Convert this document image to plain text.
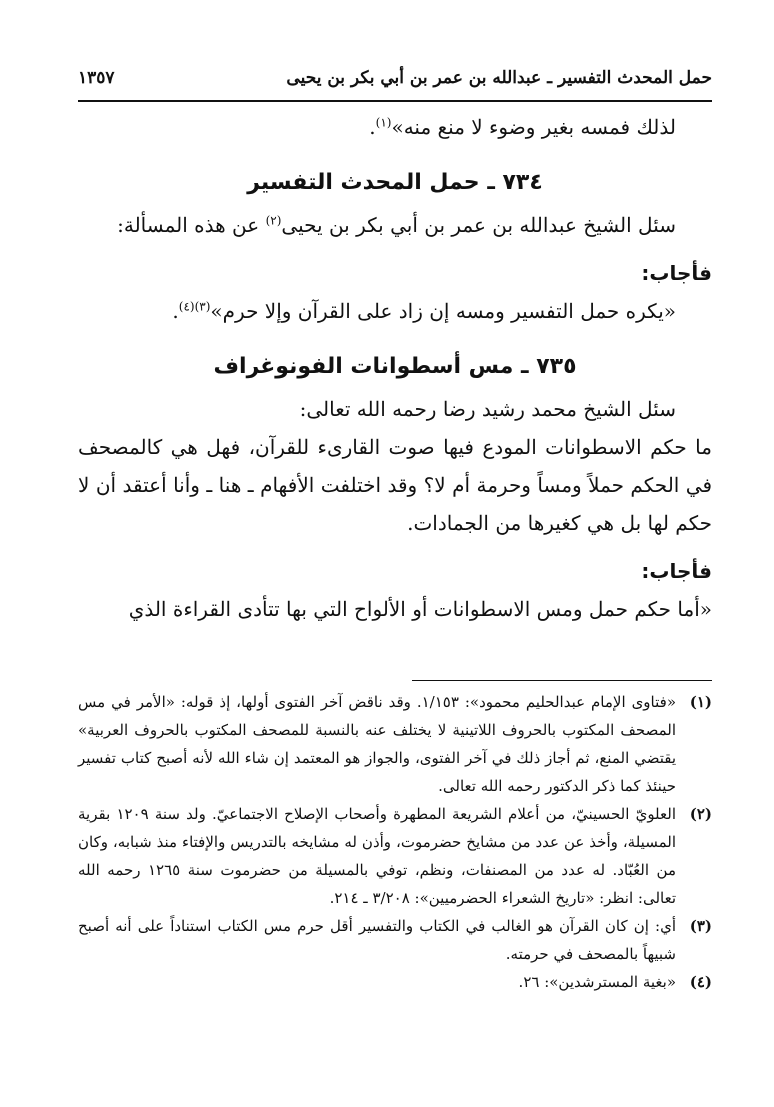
حمل المحدث التفسير ـ عبدالله بن عمر بن أبي بكر بن يحيى
١٣٥٧

لذلك فمسه بغير وضوء لا منع منه»$^{(١)}$.

٧٣٤ ـ حمل المحدث التفسير

سئل الشيخ عبدالله بن عمر بن أبي بكر بن يحيى$^{(٢)}$ عن هذه المسألة:

فأجاب:

«يكره حمل التفسير ومسه إن زاد على القرآن وإلا حرم»$^{(٣)(٤)}$.

٧٣٥ ـ مس أسطوانات الفونوغراف

سئل الشيخ محمد رشيد رضا رحمه الله تعالى:

ما حكم الاسطوانات المودع فيها صوت القارىء للقرآن، فهل هي كالمصحف في الحكم حملاً ومساً وحرمة أم لا؟ وقد اختلفت الأفهام ـ هنا ـ وأنا أعتقد أن لا حكم لها بل هي كغيرها من الجمادات.

فأجاب:

«أما حكم حمل ومس الاسطوانات أو الألواح التي بها تتأدى القراءة الذي

(١)

«فتاوى الإمام عبدالحليم محمود»: ١/١٥٣. وقد ناقض آخر الفتوى أولها، إذ قوله: «الأمر في مس المصحف المكتوب بالحروف اللاتينية لا يختلف عنه بالنسبة للمصحف المكتوب بالحروف العربية» يقتضي المنع، ثم أجاز ذلك في آخر الفتوى، والجواز هو المعتمد إن شاء الله لأنه أصبح كتاب تفسير حينئذ كما ذكر الدكتور رحمه الله تعالى.

(٢)

العلويّ الحسينيّ، من أعلام الشريعة المطهرة وأصحاب الإصلاح الاجتماعيّ. ولد سنة ١٢٠٩ بقرية المسيلة، وأخذ عن عدد من مشايخ حضرموت، وأذن له مشايخه بالتدريس والإفتاء منذ شبابه، وكان من العُبّاد. له عدد من المصنفات، ونظم، توفي بالمسيلة من حضرموت سنة ١٢٦٥ رحمه الله تعالى: انظر: «تاريخ الشعراء الحضرميين»: ٣/٢٠٨ ـ ٢١٤.

(٣)

أي: إن كان القرآن هو الغالب في الكتاب والتفسير أقل حرم مس الكتاب استناداً على أنه أصبح شبيهاً بالمصحف في حرمته.

(٤)

«بغية المسترشدين»: ٢٦.
